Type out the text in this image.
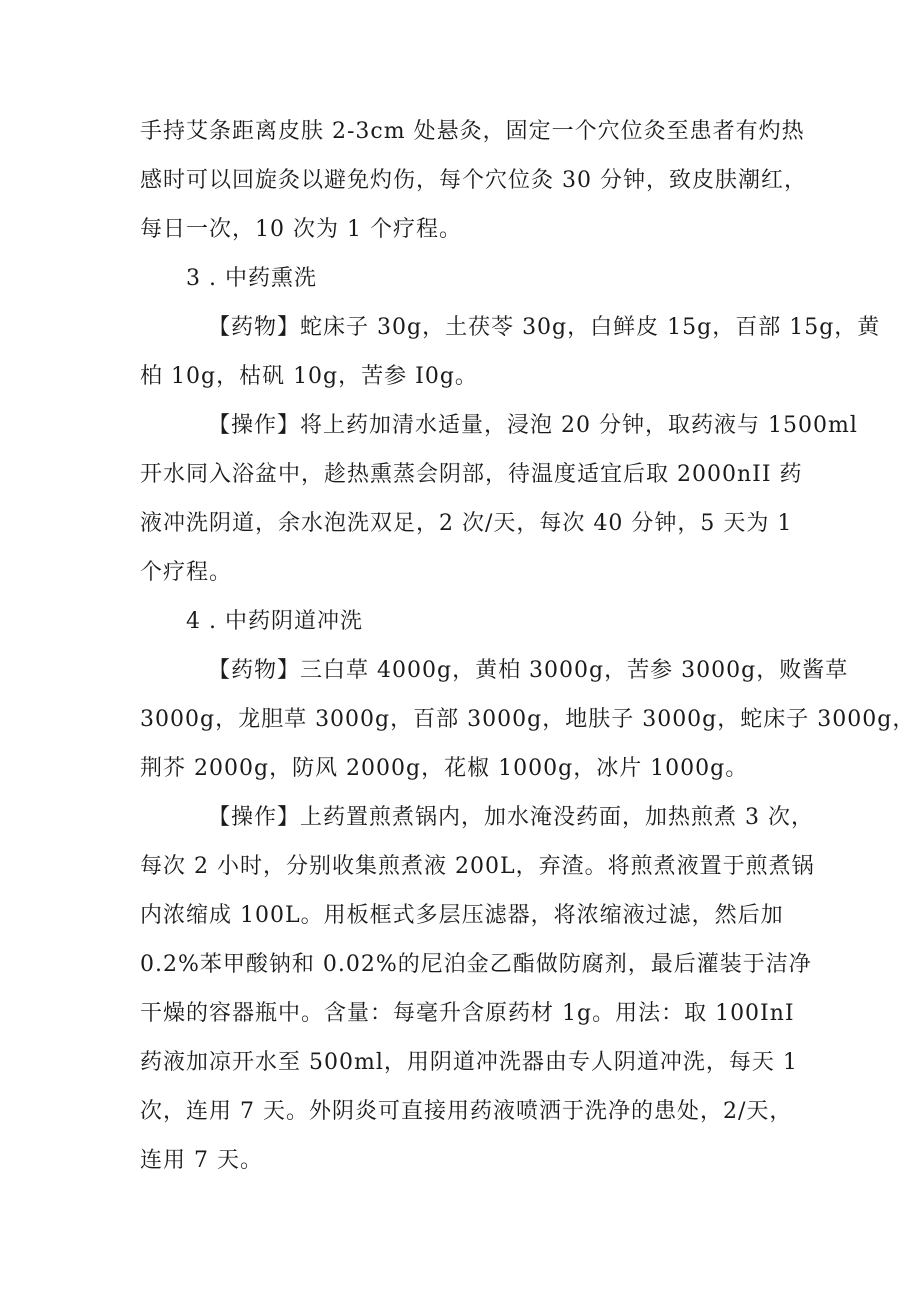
手持艾条距离皮肤 2-3cm 处悬灸，固定一个穴位灸至患者有灼热
感时可以回旋灸以避免灼伤，每个穴位灸 30 分钟，致皮肤潮红，
每日一次，10 次为 1 个疗程。
3 . 中药熏洗
【药物】蛇床子 30g，土茯苓 30g，白鲜皮 15g，百部 15g，黄
柏 10g，枯矾 10g，苦参 I0g。
【操作】将上药加清水适量，浸泡 20 分钟，取药液与 1500ml
开水同入浴盆中，趁热熏蒸会阴部，待温度适宜后取 2000nII 药
液冲洗阴道，余水泡洗双足，2 次/天，每次 40 分钟，5 天为 1
个疗程。
4 . 中药阴道冲洗
【药物】三白草 4000g，黄柏 3000g，苦参 3000g，败酱草
3000g，龙胆草 3000g，百部 3000g，地肤子 3000g，蛇床子 3000g，
荆芥 2000g，防风 2000g，花椒 1000g，冰片 1000g。
【操作】上药置煎煮锅内，加水淹没药面，加热煎煮 3 次，
每次 2 小时，分别收集煎煮液 200L，弃渣。将煎煮液置于煎煮锅
内浓缩成 100L。用板框式多层压滤器，将浓缩液过滤，然后加
0.2%苯甲酸钠和 0.02%的尼泊金乙酯做防腐剂，最后灌装于洁净
干燥的容器瓶中。含量：每毫升含原药材 1g。用法：取 100InI
药液加凉开水至 500ml，用阴道冲洗器由专人阴道冲洗，每天 1
次，连用 7 天。外阴炎可直接用药液喷洒于洗净的患处，2/天，
连用 7 天。
